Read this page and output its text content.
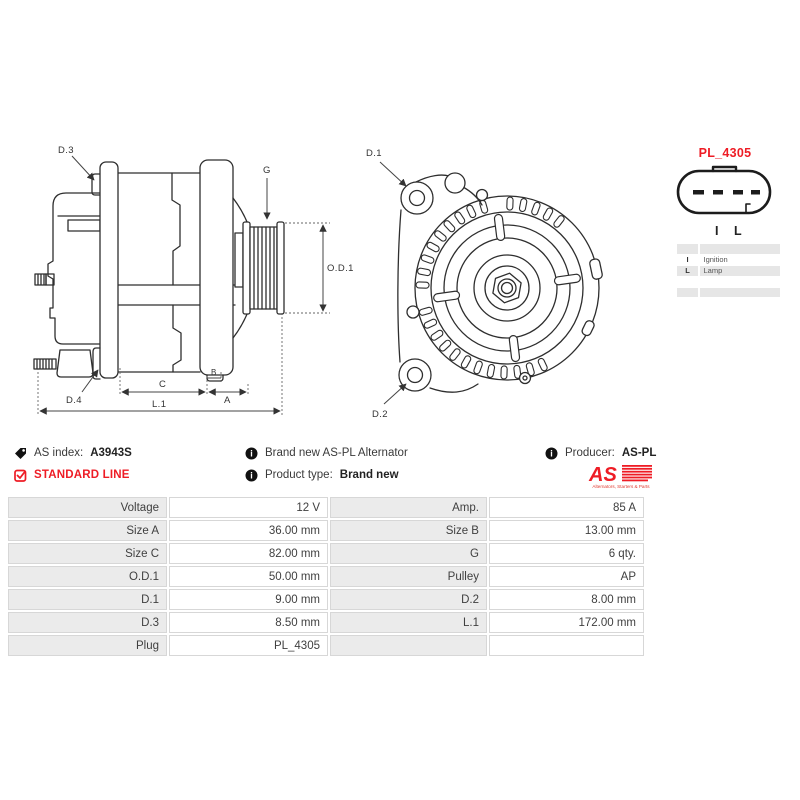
D.3
D.4
G
O.D.1
C
B
A
L.1
D.1
D.2
PL_4305
I L
I	Ignition
L	Lamp
AS index: A3943S
STANDARD LINE
i Brand new AS-PL Alternator
i Product type: Brand new
i Producer: AS-PL
AS
Alternators, Starters & Parts
Voltage	12 V	Amp.	85 A
Size A	36.00 mm	Size B	13.00 mm
Size C	82.00 mm	G	6 qty.
O.D.1	50.00 mm	Pulley	AP
D.1	9.00 mm	D.2	8.00 mm
D.3	8.50 mm	L.1	172.00 mm
Plug	PL_4305		
